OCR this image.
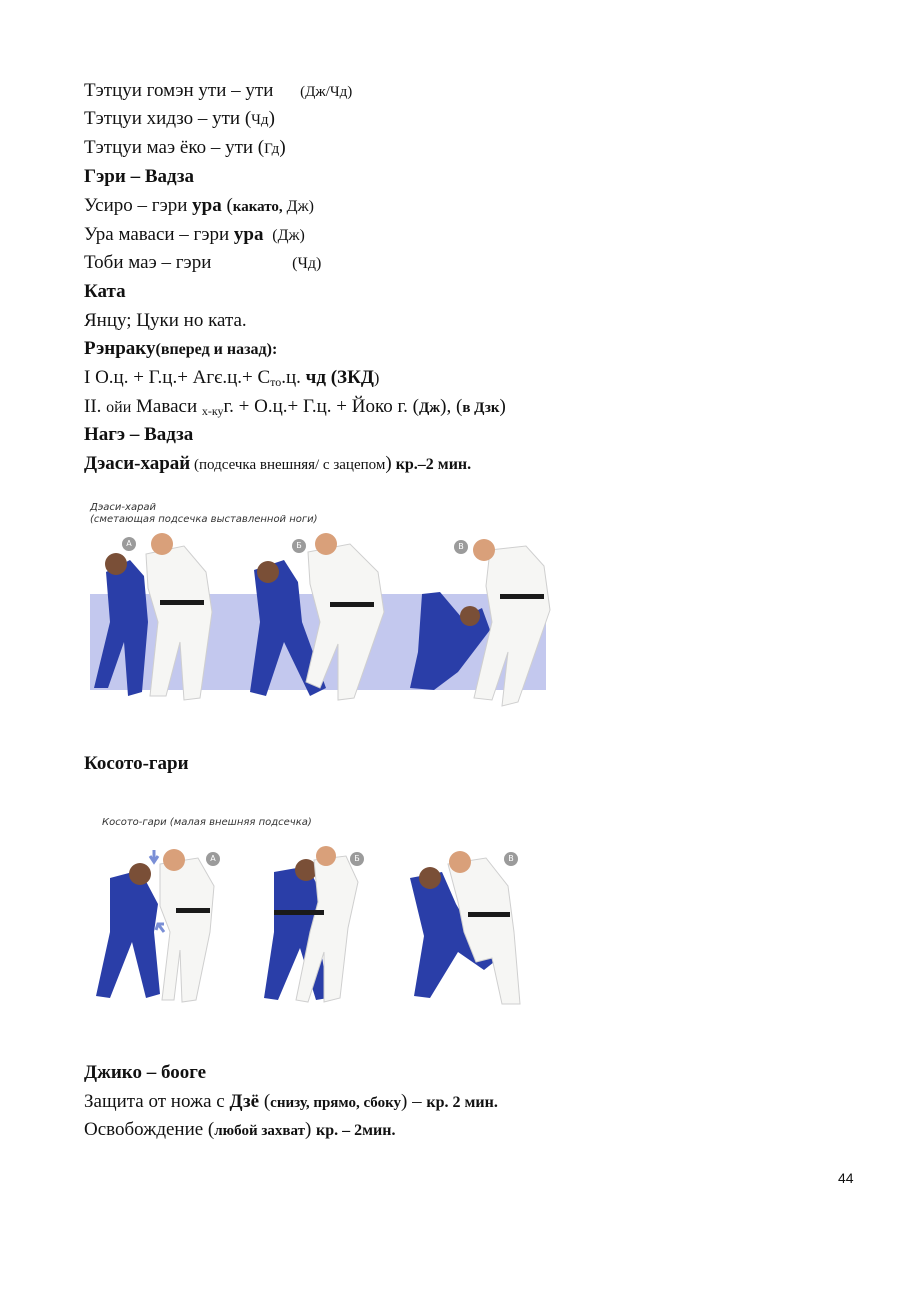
Тэтцуи гомэн ути – ути (Дж/Чд)
Тэтцуи хидзо – ути (Чд)
Тэтцуи маэ ёко – ути (Гд)
Гэри – Вадза
Усиро – гэри ура (какато, Дж)
Ура маваси – гэри ура (Дж)
Тоби маэ – гэри	(Чд)
Ката
Янцу; Цуки но ката.
Рэнраку(вперед и назад):
I О.ц. + $Г.ц.+ Агє.ц.+ С_{то}.ц$. чд (ЗКД)
II. ойи Маваси $_{х-ку}$г. + О.ц.+ Г.ц. + Йоко г. (Дж), (в Дзк)
Нагэ – Вадза
Дэаси-харай (подсечка внешняя/ с зацепом) кр.–2 мин.
Дэаси-харай
(сметающая подсечка выставленной ноги)
А	Б	В
Косото-гари
Косото-гари (малая внешняя подсечка)
А	Б	В
Джико – бооге
Защита от ножа с Дзё (снизу, прямо, сбоку) – кр. 2 мин.
Освобождение (любой захват) кр. – 2мин.
44
